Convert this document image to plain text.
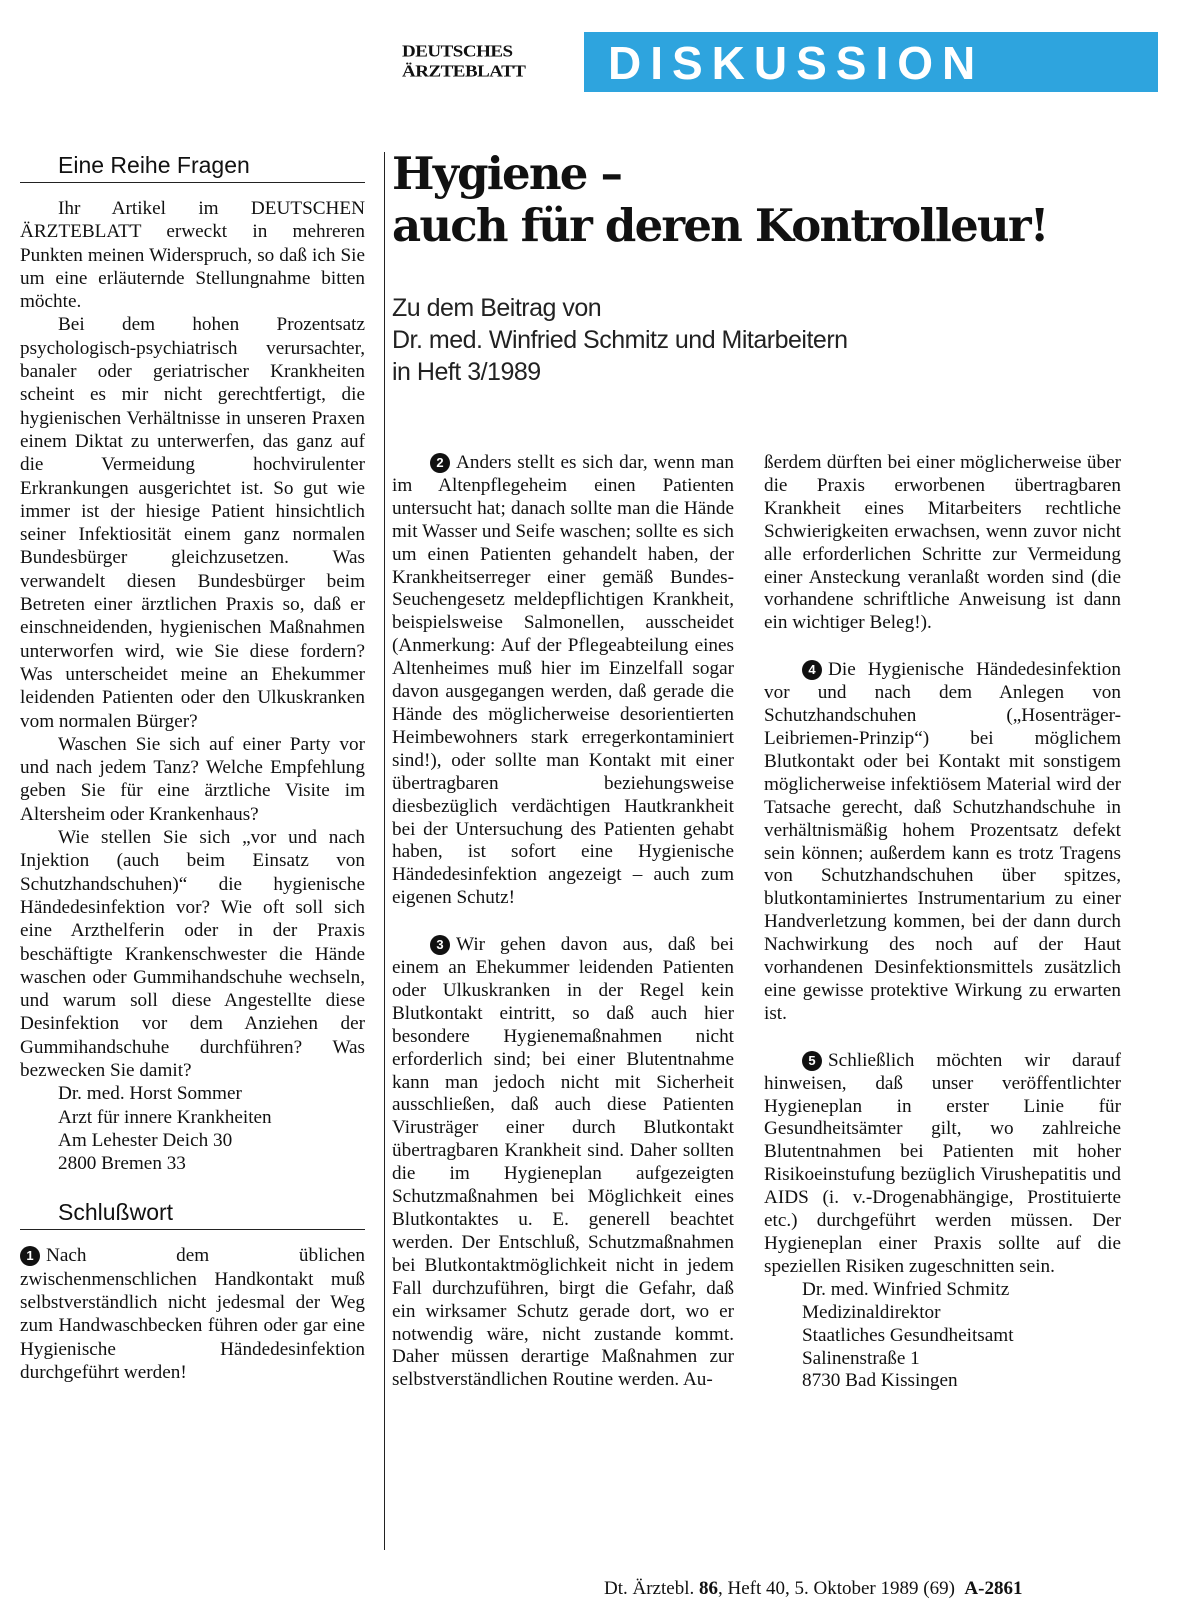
DEUTSCHES
ÄRZTEBLATT	DISKUSSION
Eine Reihe Fragen

Ihr Artikel im DEUTSCHEN ÄRZTEBLATT erweckt in mehreren Punkten meinen Widerspruch, so daß ich Sie um eine erläuternde Stellungnahme bitten möchte.

Bei dem hohen Prozentsatz psychologisch-psychiatrisch verursachter, banaler oder geriatrischer Krankheiten scheint es mir nicht gerechtfertigt, die hygienischen Verhältnisse in unseren Praxen einem Diktat zu unterwerfen, das ganz auf die Vermeidung hochvirulenter Erkrankungen ausgerichtet ist. So gut wie immer ist der hiesige Patient hinsichtlich seiner Infektiosität einem ganz normalen Bundesbürger gleichzusetzen. Was verwandelt diesen Bundesbürger beim Betreten einer ärztlichen Praxis so, daß er einschneidenden, hygienischen Maßnahmen unterworfen wird, wie Sie diese fordern? Was unterscheidet meine an Ehekummer leidenden Patienten oder den Ulkuskranken vom normalen Bürger?

Waschen Sie sich auf einer Party vor und nach jedem Tanz? Welche Empfehlung geben Sie für eine ärztliche Visite im Altersheim oder Krankenhaus?

Wie stellen Sie sich „vor und nach Injektion (auch beim Einsatz von Schutzhandschuhen)“ die hygienische Händedesinfektion vor? Wie oft soll sich eine Arzthelferin oder in der Praxis beschäftigte Krankenschwester die Hände waschen oder Gummihandschuhe wechseln, und warum soll diese Angestellte diese Desinfektion vor dem Anziehen der Gummihandschuhe durchführen? Was bezwecken Sie damit?

Dr. med. Horst Sommer
Arzt für innere Krankheiten
Am Lehester Deich 30
2800 Bremen 33
Schlußwort

1 Nach dem üblichen zwischenmenschlichen Handkontakt muß selbstverständlich nicht jedesmal der Weg zum Handwaschbecken führen oder gar eine Hygienische Händedesinfektion durchgeführt werden!

Hygiene –
auch für deren Kontrolleur!
Zu dem Beitrag von
Dr. med. Winfried Schmitz und Mitarbeitern
in Heft 3/1989

2 Anders stellt es sich dar, wenn man im Altenpflegeheim einen Patienten untersucht hat; danach sollte man die Hände mit Wasser und Seife waschen; sollte es sich um einen Patienten gehandelt haben, der Krankheitserreger einer gemäß Bundes-Seuchengesetz meldepflichtigen Krankheit, beispielsweise Salmonellen, ausscheidet (Anmerkung: Auf der Pflegeabteilung eines Altenheimes muß hier im Einzelfall sogar davon ausgegangen werden, daß gerade die Hände des möglicherweise desorientierten Heimbewohners stark erregerkontaminiert sind!), oder sollte man Kontakt mit einer übertragbaren beziehungsweise diesbezüglich verdächtigen Hautkrankheit bei der Untersuchung des Patienten gehabt haben, ist sofort eine Hygienische Händedesinfektion angezeigt – auch zum eigenen Schutz!

3 Wir gehen davon aus, daß bei einem an Ehekummer leidenden Patienten oder Ulkuskranken in der Regel kein Blutkontakt eintritt, so daß auch hier besondere Hygienemaßnahmen nicht erforderlich sind; bei einer Blutentnahme kann man jedoch nicht mit Sicherheit ausschließen, daß auch diese Patienten Virusträger einer durch Blutkontakt übertragbaren Krankheit sind. Daher sollten die im Hygieneplan aufgezeigten Schutzmaßnahmen bei Möglichkeit eines Blutkontaktes u. E. generell beachtet werden. Der Entschluß, Schutzmaßnahmen bei Blutkontaktmöglichkeit nicht in jedem Fall durchzuführen, birgt die Gefahr, daß ein wirksamer Schutz gerade dort, wo er notwendig wäre, nicht zustande kommt. Daher müssen derartige Maßnahmen zur selbstverständlichen Routine werden. Au-

ßerdem dürften bei einer möglicherweise über die Praxis erworbenen übertragbaren Krankheit eines Mitarbeiters rechtliche Schwierigkeiten erwachsen, wenn zuvor nicht alle erforderlichen Schritte zur Vermeidung einer Ansteckung veranlaßt worden sind (die vorhandene schriftliche Anweisung ist dann ein wichtiger Beleg!).

4 Die Hygienische Händedesinfektion vor und nach dem Anlegen von Schutzhandschuhen („Hosenträger-Leibriemen-Prinzip“) bei möglichem Blutkontakt oder bei Kontakt mit sonstigem möglicherweise infektiösem Material wird der Tatsache gerecht, daß Schutzhandschuhe in verhältnismäßig hohem Prozentsatz defekt sein können; außerdem kann es trotz Tragens von Schutzhandschuhen über spitzes, blutkontaminiertes Instrumentarium zu einer Handverletzung kommen, bei der dann durch Nachwirkung des noch auf der Haut vorhandenen Desinfektionsmittels zusätzlich eine gewisse protektive Wirkung zu erwarten ist.

5 Schließlich möchten wir darauf hinweisen, daß unser veröffentlichter Hygieneplan in erster Linie für Gesundheitsämter gilt, wo zahlreiche Blutentnahmen bei Patienten mit hoher Risikoeinstufung bezüglich Virushepatitis und AIDS (i. v.-Drogenabhängige, Prostituierte etc.) durchgeführt werden müssen. Der Hygieneplan einer Praxis sollte auf die speziellen Risiken zugeschnitten sein.

Dr. med. Winfried Schmitz
Medizinaldirektor
Staatliches Gesundheitsamt
Salinenstraße 1
8730 Bad Kissingen
Dt. Ärztebl. 86, Heft 40, 5. Oktober 1989 (69) A-2861
